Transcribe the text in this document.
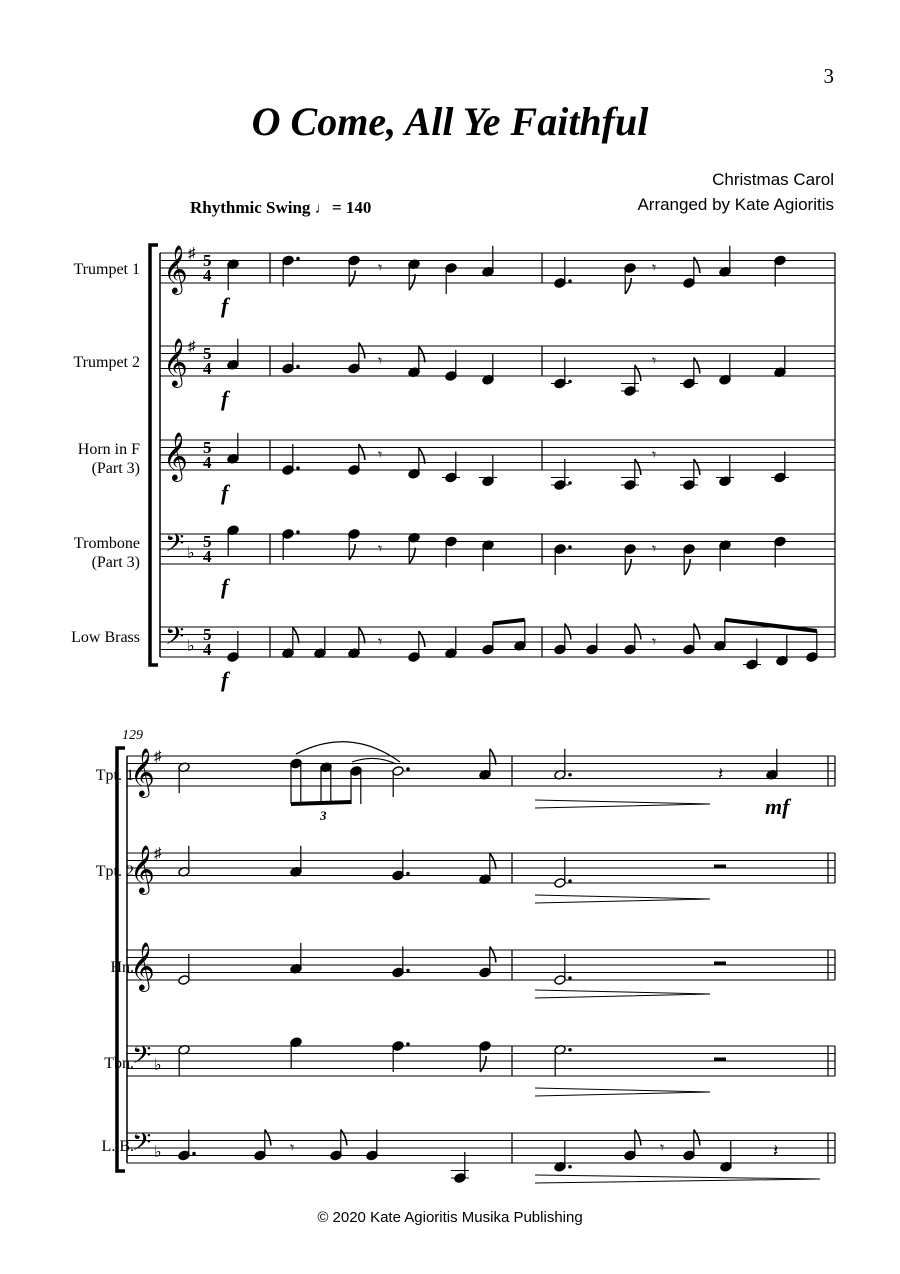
3
O Come, All Ye Faithful
Christmas Carol
Arranged by Kate Agioritis
Rhythmic Swing ♩ = 140
Trumpet 1
Trumpet 2
Horn in F
(Part 3)
Trombone
(Part 3)
Low Brass
129
Tpt. 1
Tpt. 2
Hn.
Tbn.
L. B.
𝄞
𝄞
𝄞
𝄢
𝄢
♯
♯
♭
♭
5
4
5
4
5
4
5
4
5
4
f
f
f
f
f
𝄾	𝄾
𝄾	𝄾
𝄾	𝄾
𝄾	𝄾
𝄾	𝄾
𝄞
𝄞
𝄞
𝄢
𝄢
♯
♯
♭
♭
3
𝄽
mf
𝄾	𝄾	𝄽
© 2020 Kate Agioritis Musika Publishing
